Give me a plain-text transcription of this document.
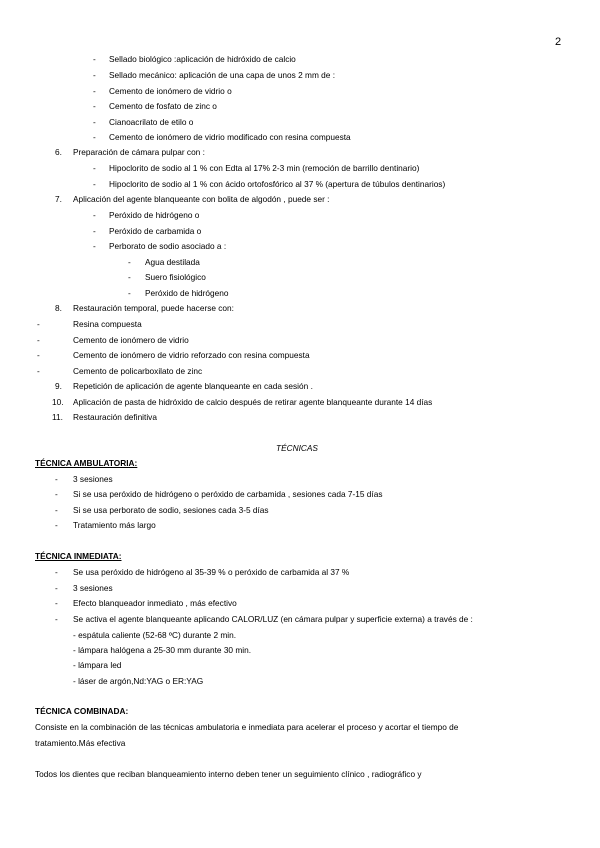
2
- Sellado biológico :aplicación de hidróxido de calcio
- Sellado mecánico: aplicación de una capa de unos 2 mm de :
- Cemento de ionómero de vidrio o
- Cemento de fosfato de zinc o
- Cianoacrilato de etilo o
- Cemento de ionómero de vidrio modificado con resina compuesta
6. Preparación de cámara pulpar con :
- Hipoclorito de sodio al 1 % con Edta al 17% 2-3 min (remoción de barrillo dentinario)
- Hipoclorito de sodio al 1 % con ácido ortofosfórico al 37 % (apertura de túbulos dentinarios)
7. Aplicación del agente blanqueante con bolita de algodón , puede ser :
- Peróxido de hidrógeno o
- Peróxido de carbamida o
- Perborato de sodio asociado a :
- Agua destilada
- Suero fisiológico
- Peróxido de hidrógeno
8. Restauración temporal, puede hacerse con:
-	Resina compuesta
-	Cemento de ionómero de vidrio
-	Cemento de ionómero de vidrio reforzado con resina compuesta
-	Cemento de policarboxilato de zinc
9. Repetición de aplicación de agente blanqueante en cada sesión .
10. Aplicación de pasta de hidróxido de calcio después de retirar agente blanqueante durante 14 días
11. Restauración definitiva
TÉCNICAS
TÉCNICA AMBULATORIA:
- 3 sesiones
- Si se usa peróxido de hidrógeno o peróxido de carbamida , sesiones cada 7-15 días
- Si se usa perborato de sodio, sesiones cada 3-5 días
- Tratamiento más largo
TÉCNICA INMEDIATA:
- Se usa peróxido de hidrógeno al 35-39 % o peróxido de carbamida al 37 %
- 3 sesiones
- Efecto blanqueador inmediato , más efectivo
- Se activa el agente blanqueante aplicando CALOR/LUZ (en cámara pulpar y superficie externa) a través de :
- espátula caliente (52-68 ºC) durante 2 min.
- lámpara halógena a 25-30 mm durante 30 min.
- lámpara led
- láser de argón,Nd:YAG o ER:YAG
TÉCNICA COMBINADA:
Consiste en la combinación de las técnicas ambulatoria e inmediata para acelerar el proceso y acortar el tiempo de
tratamiento.Más efectiva
Todos los dientes que reciban blanqueamiento interno deben tener un seguimiento clínico , radiográfico y
